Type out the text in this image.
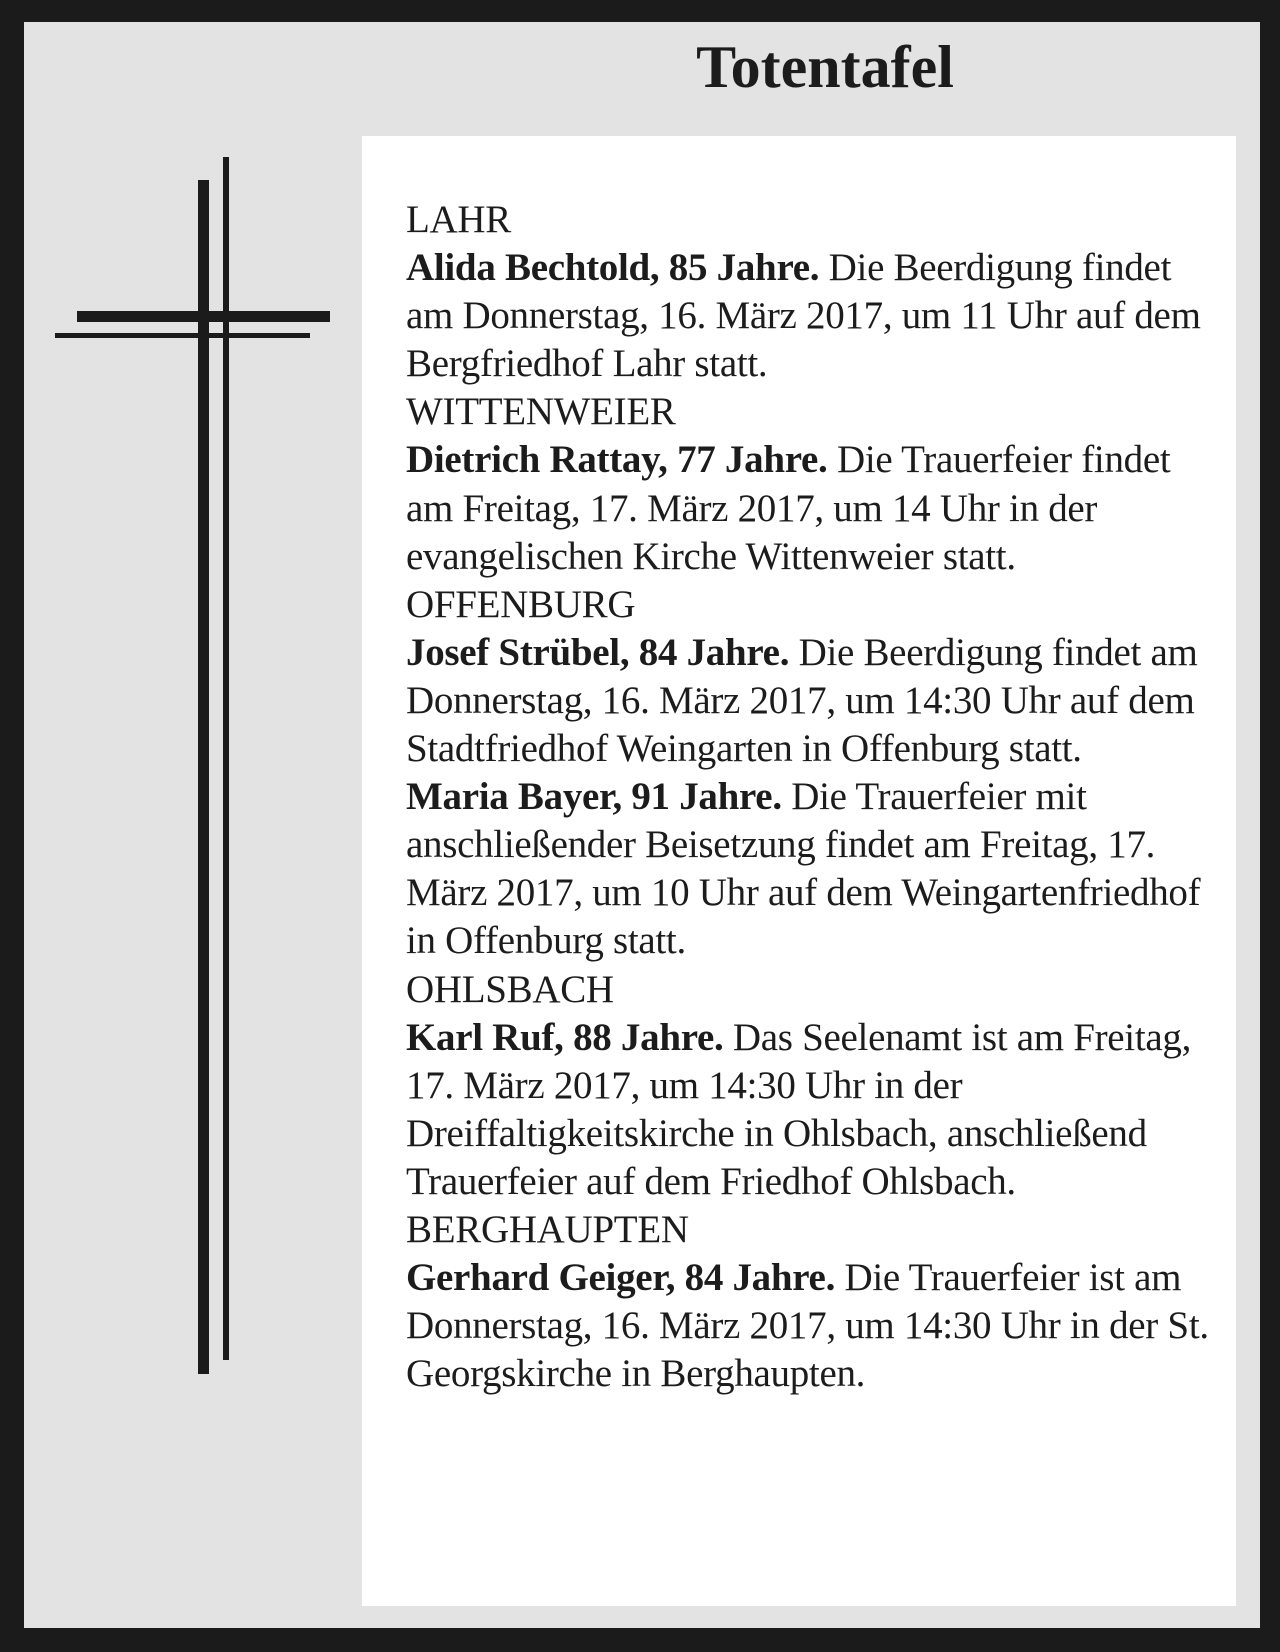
Totentafel

LAHR
Alida Bechtold, 85 Jahre. Die Beerdigung findet am Donnerstag, 16. März 2017, um 11 Uhr auf dem Bergfriedhof Lahr statt.

WITTENWEIER
Dietrich Rattay, 77 Jahre. Die Trauerfeier findet am Freitag, 17. März 2017, um 14 Uhr in der evangelischen Kirche Wittenweier statt.

OFFENBURG
Josef Strübel, 84 Jahre. Die Beerdigung findet am Donnerstag, 16. März 2017, um 14:30 Uhr auf dem Stadtfriedhof Weingarten in Offenburg statt.

Maria Bayer, 91 Jahre. Die Trauerfeier mit anschließender Beisetzung findet am Freitag, 17. März 2017, um 10 Uhr auf dem Weingartenfriedhof in Offenburg statt.

OHLSBACH
Karl Ruf, 88 Jahre. Das Seelenamt ist am Freitag, 17. März 2017, um 14:30 Uhr in der Dreiffaltigkeitskirche in Ohlsbach, anschließend Trauerfeier auf dem Friedhof Ohlsbach.

BERGHAUPTEN
Gerhard Geiger, 84 Jahre. Die Trauerfeier ist am Donnerstag, 16. März 2017, um 14:30 Uhr in der St. Georgskirche in Berghaupten.
